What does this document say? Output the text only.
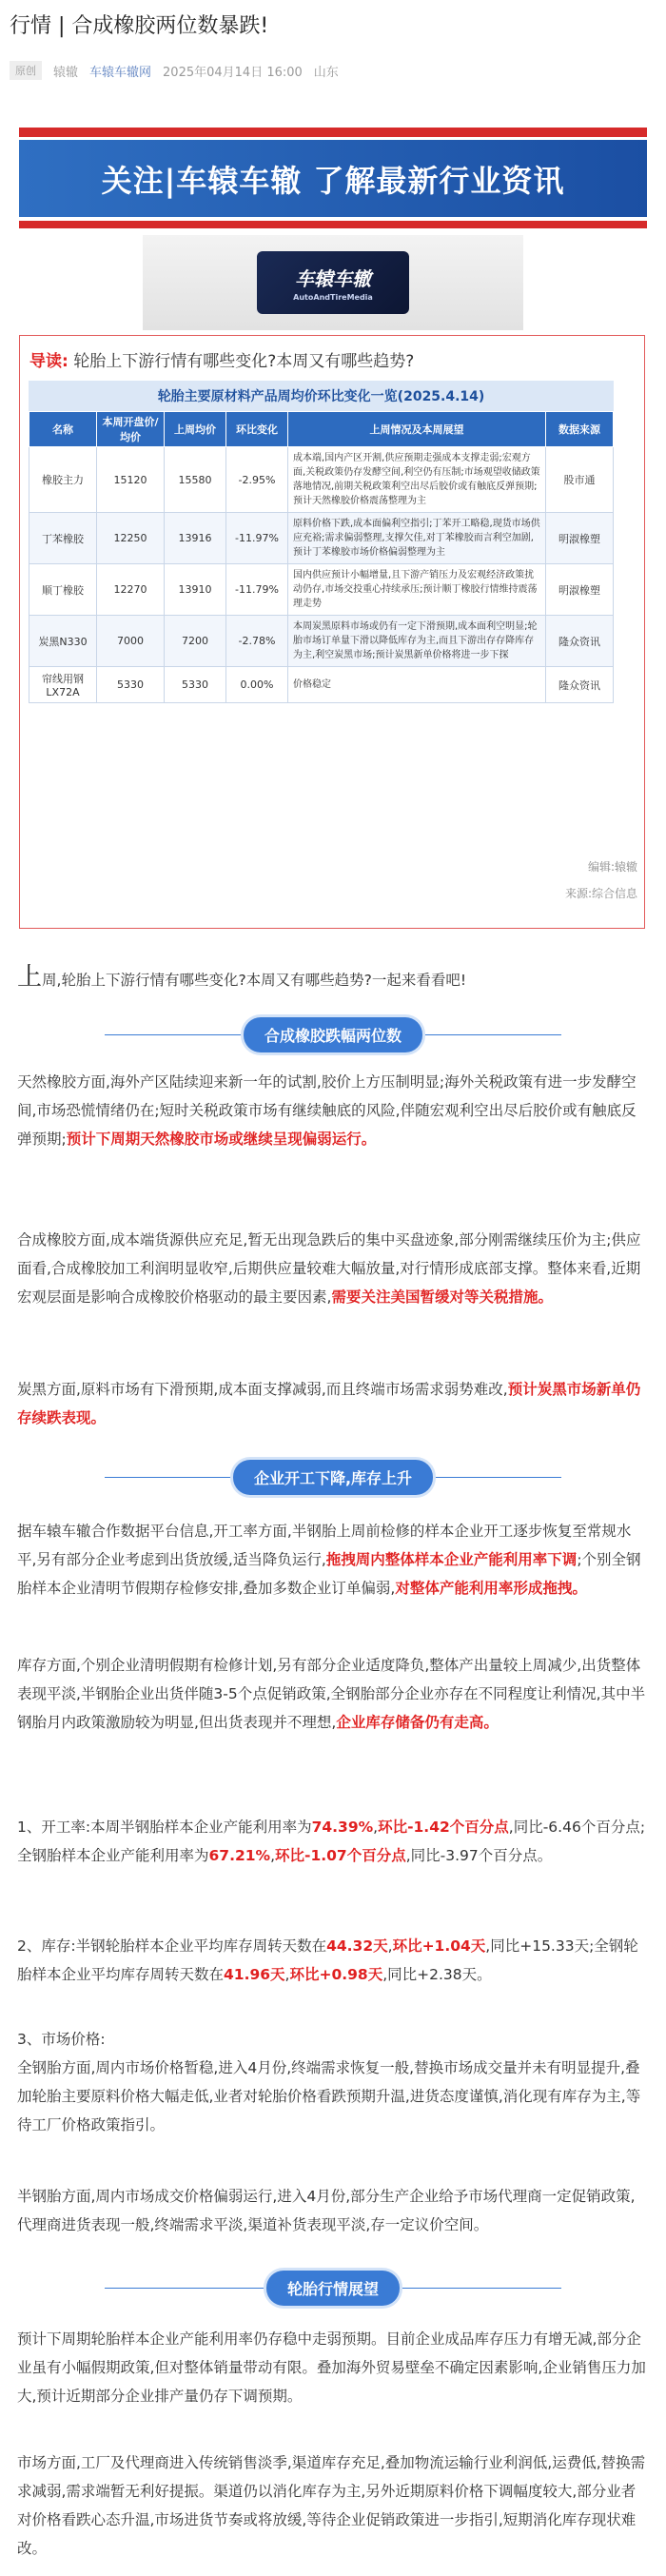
行情 | 合成橡胶两位数暴跌!
原创	辕辙 车辕车辙网 2025年04月14日 16:00 山东
关注|车辕车辙 了解最新行业资讯
车辕车辙
AutoAndTireMedia
导读: 轮胎上下游行情有哪些变化?本周又有哪些趋势?
轮胎主要原材料产品周均价环比变化一览(2025.4.14)
名称	本周开盘价/均价	上周均价	环比变化	上周情况及本周展望	数据来源
橡胶主力	15120	15580	-2.95%	成本端,国内产区开割,供应预期走强成本支撑走弱;宏观方面,关税政策仍存发酵空间,利空仍有压制;市场观望收储政策落地情况,前期关税政策利空出尽后胶价或有触底反弹预期;预计天然橡胶价格震荡整理为主	股市通
丁苯橡胶	12250	13916	-11.97%	原料价格下跌,成本面偏利空指引;丁苯开工略稳,现货市场供应充裕;需求偏弱整理,支撑欠佳,对丁苯橡胶而言利空加剧,预计丁苯橡胶市场价格偏弱整理为主	明淑橡塑
顺丁橡胶	12270	13910	-11.79%	国内供应预计小幅增量,且下游产销压力及宏观经济政策扰动仍存,市场交投重心持续承压;预计顺丁橡胶行情维持震荡理走势	明淑橡塑
炭黑N330	7000	7200	-2.78%	本周炭黑原料市场或仍有一定下滑预期,成本面利空明显;轮胎市场订单量下滑以降低库存为主,而且下游出存存降库存为主,利空炭黑市场;预计炭黑新单价格将进一步下探	隆众资讯
帘线用钢LX72A	5330	5330	0.00%	价格稳定	隆众资讯
编辑:辕辙
来源:综合信息

上周,轮胎上下游行情有哪些变化?本周又有哪些趋势?一起来看看吧!

合成橡胶跌幅两位数

天然橡胶方面,海外产区陆续迎来新一年的试割,胶价上方压制明显;海外关税政策有进一步发酵空间,市场恐慌情绪仍在;短时关税政策市场有继续触底的风险,伴随宏观利空出尽后胶价或有触底反弹预期;预计下周期天然橡胶市场或继续呈现偏弱运行。

合成橡胶方面,成本端货源供应充足,暂无出现急跌后的集中买盘迹象,部分刚需继续压价为主;供应面看,合成橡胶加工利润明显收窄,后期供应量较难大幅放量,对行情形成底部支撑。整体来看,近期宏观层面是影响合成橡胶价格驱动的最主要因素,需要关注美国暂缓对等关税措施。

炭黑方面,原料市场有下滑预期,成本面支撑减弱,而且终端市场需求弱势难改,预计炭黑市场新单仍存续跌表现。

企业开工下降,库存上升

据车辕车辙合作数据平台信息,开工率方面,半钢胎上周前检修的样本企业开工逐步恢复至常规水平,另有部分企业考虑到出货放缓,适当降负运行,拖拽周内整体样本企业产能利用率下调;个别全钢胎样本企业清明节假期存检修安排,叠加多数企业订单偏弱,对整体产能利用率形成拖拽。

库存方面,个别企业清明假期有检修计划,另有部分企业适度降负,整体产出量较上周减少,出货整体表现平淡,半钢胎企业出货伴随3-5个点促销政策,全钢胎部分企业亦存在不同程度让利情况,其中半钢胎月内政策激励较为明显,但出货表现并不理想,企业库存储备仍有走高。

1、开工率:本周半钢胎样本企业产能利用率为74.39%,环比-1.42个百分点,同比-6.46个百分点;全钢胎样本企业产能利用率为67.21%,环比-1.07个百分点,同比-3.97个百分点。

2、库存:半钢轮胎样本企业平均库存周转天数在44.32天,环比+1.04天,同比+15.33天;全钢轮胎样本企业平均库存周转天数在41.96天,环比+0.98天,同比+2.38天。

3、市场价格:
全钢胎方面,周内市场价格暂稳,进入4月份,终端需求恢复一般,替换市场成交量并未有明显提升,叠加轮胎主要原料价格大幅走低,业者对轮胎价格看跌预期升温,进货态度谨慎,消化现有库存为主,等待工厂价格政策指引。

半钢胎方面,周内市场成交价格偏弱运行,进入4月份,部分生产企业给予市场代理商一定促销政策,代理商进货表现一般,终端需求平淡,渠道补货表现平淡,存一定议价空间。

轮胎行情展望

预计下周期轮胎样本企业产能利用率仍存稳中走弱预期。目前企业成品库存压力有增无减,部分企业虽有小幅假期政策,但对整体销量带动有限。叠加海外贸易壁垒不确定因素影响,企业销售压力加大,预计近期部分企业排产量仍存下调预期。

市场方面,工厂及代理商进入传统销售淡季,渠道库存充足,叠加物流运输行业利润低,运费低,替换需求减弱,需求端暂无利好提振。渠道仍以消化库存为主,另外近期原料价格下调幅度较大,部分业者对价格看跌心态升温,市场进货节奏或将放缓,等待企业促销政策进一步指引,短期消化库存现状难改。
